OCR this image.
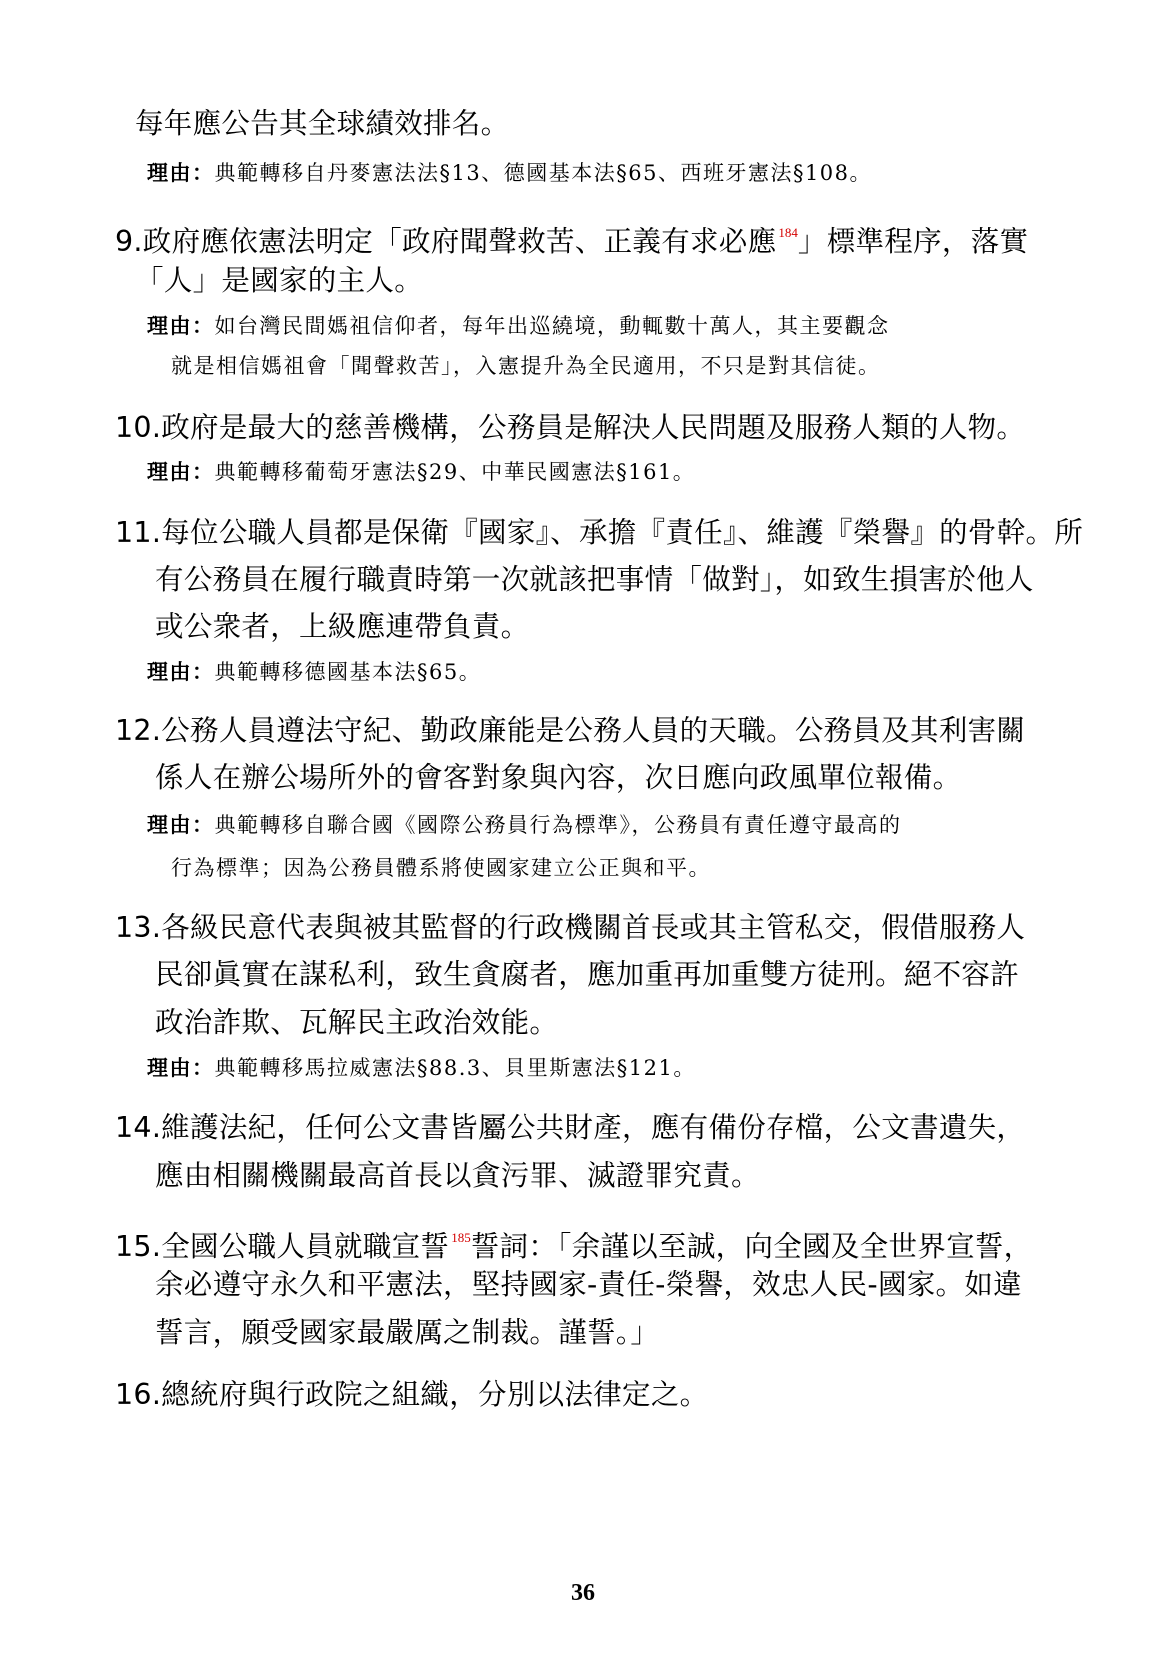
每年應公告其全球績效排名。
理由：典範轉移自丹麥憲法法§13、德國基本法§65、西班牙憲法§108。
9.政府應依憲法明定「政府聞聲救苦、正義有求必應 $^{184}$」標準程序，落實
「人」是國家的主人。
理由：如台灣民間媽祖信仰者，每年出巡繞境，動輒數十萬人，其主要觀念
就是相信媽祖會「聞聲救苦」，入憲提升為全民適用，不只是對其信徒。
10.政府是最大的慈善機構，公務員是解決人民問題及服務人類的人物。
理由：典範轉移葡萄牙憲法§29、中華民國憲法§161。
11.每位公職人員都是保衛『國家』、承擔『責任』、維護『榮譽』的骨幹。所
有公務員在履行職責時第一次就該把事情「做對」，如致生損害於他人
或公衆者，上級應連帶負責。
理由：典範轉移德國基本法§65。
12.公務人員遵法守紀、勤政廉能是公務人員的天職。公務員及其利害關
係人在辦公場所外的會客對象與內容，次日應向政風單位報備。
理由：典範轉移自聯合國《國際公務員行為標準》，公務員有責任遵守最高的
行為標準；因為公務員體系將使國家建立公正與和平。
13.各級民意代表與被其監督的行政機關首長或其主管私交，假借服務人
民卻眞實在謀私利，致生貪腐者，應加重再加重雙方徒刑。絕不容許
政治詐欺、瓦解民主政治效能。
理由：典範轉移馬拉威憲法§88.3、貝里斯憲法§121。
14.維護法紀，任何公文書皆屬公共財產，應有備份存檔，公文書遺失，
應由相關機關最高首長以貪污罪、滅證罪究責。
15.全國公職人員就職宣誓 $^{185}$誓詞：「余謹以至誠，向全國及全世界宣誓，
余必遵守永久和平憲法，堅持國家-責任-榮譽，效忠人民-國家。如違
誓言，願受國家最嚴厲之制裁。謹誓。」
16.總統府與行政院之組織，分別以法律定之。
36
